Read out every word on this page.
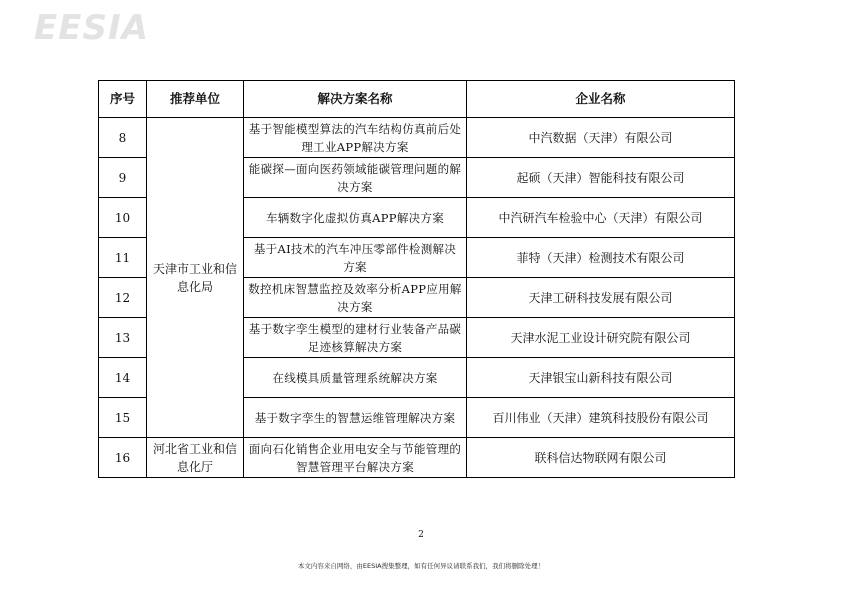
EESIA
序号	推荐单位	解决方案名称	企业名称
8	天津市工业和信息化局	基于智能模型算法的汽车结构仿真前后处理工业APP解决方案	中汽数据（天津）有限公司
9		能碳探—面向医药领域能碳管理问题的解决方案	起硕（天津）智能科技有限公司
10		车辆数字化虚拟仿真APP解决方案	中汽研汽车检验中心（天津）有限公司
11		基于AI技术的汽车冲压零部件检测解决方案	菲特（天津）检测技术有限公司
12		数控机床智慧监控及效率分析APP应用解决方案	天津工研科技发展有限公司
13		基于数字孪生模型的建材行业装备产品碳足迹核算解决方案	天津水泥工业设计研究院有限公司
14		在线模具质量管理系统解决方案	天津银宝山新科技有限公司
15		基于数字孪生的智慧运维管理解决方案	百川伟业（天津）建筑科技股份有限公司
16	河北省工业和信息化厅	面向石化销售企业用电安全与节能管理的智慧管理平台解决方案	联科信达物联网有限公司
2
本文内容来自网络，由EESIA搜集整理，如有任何异议请联系我们，我们将删除处理！
